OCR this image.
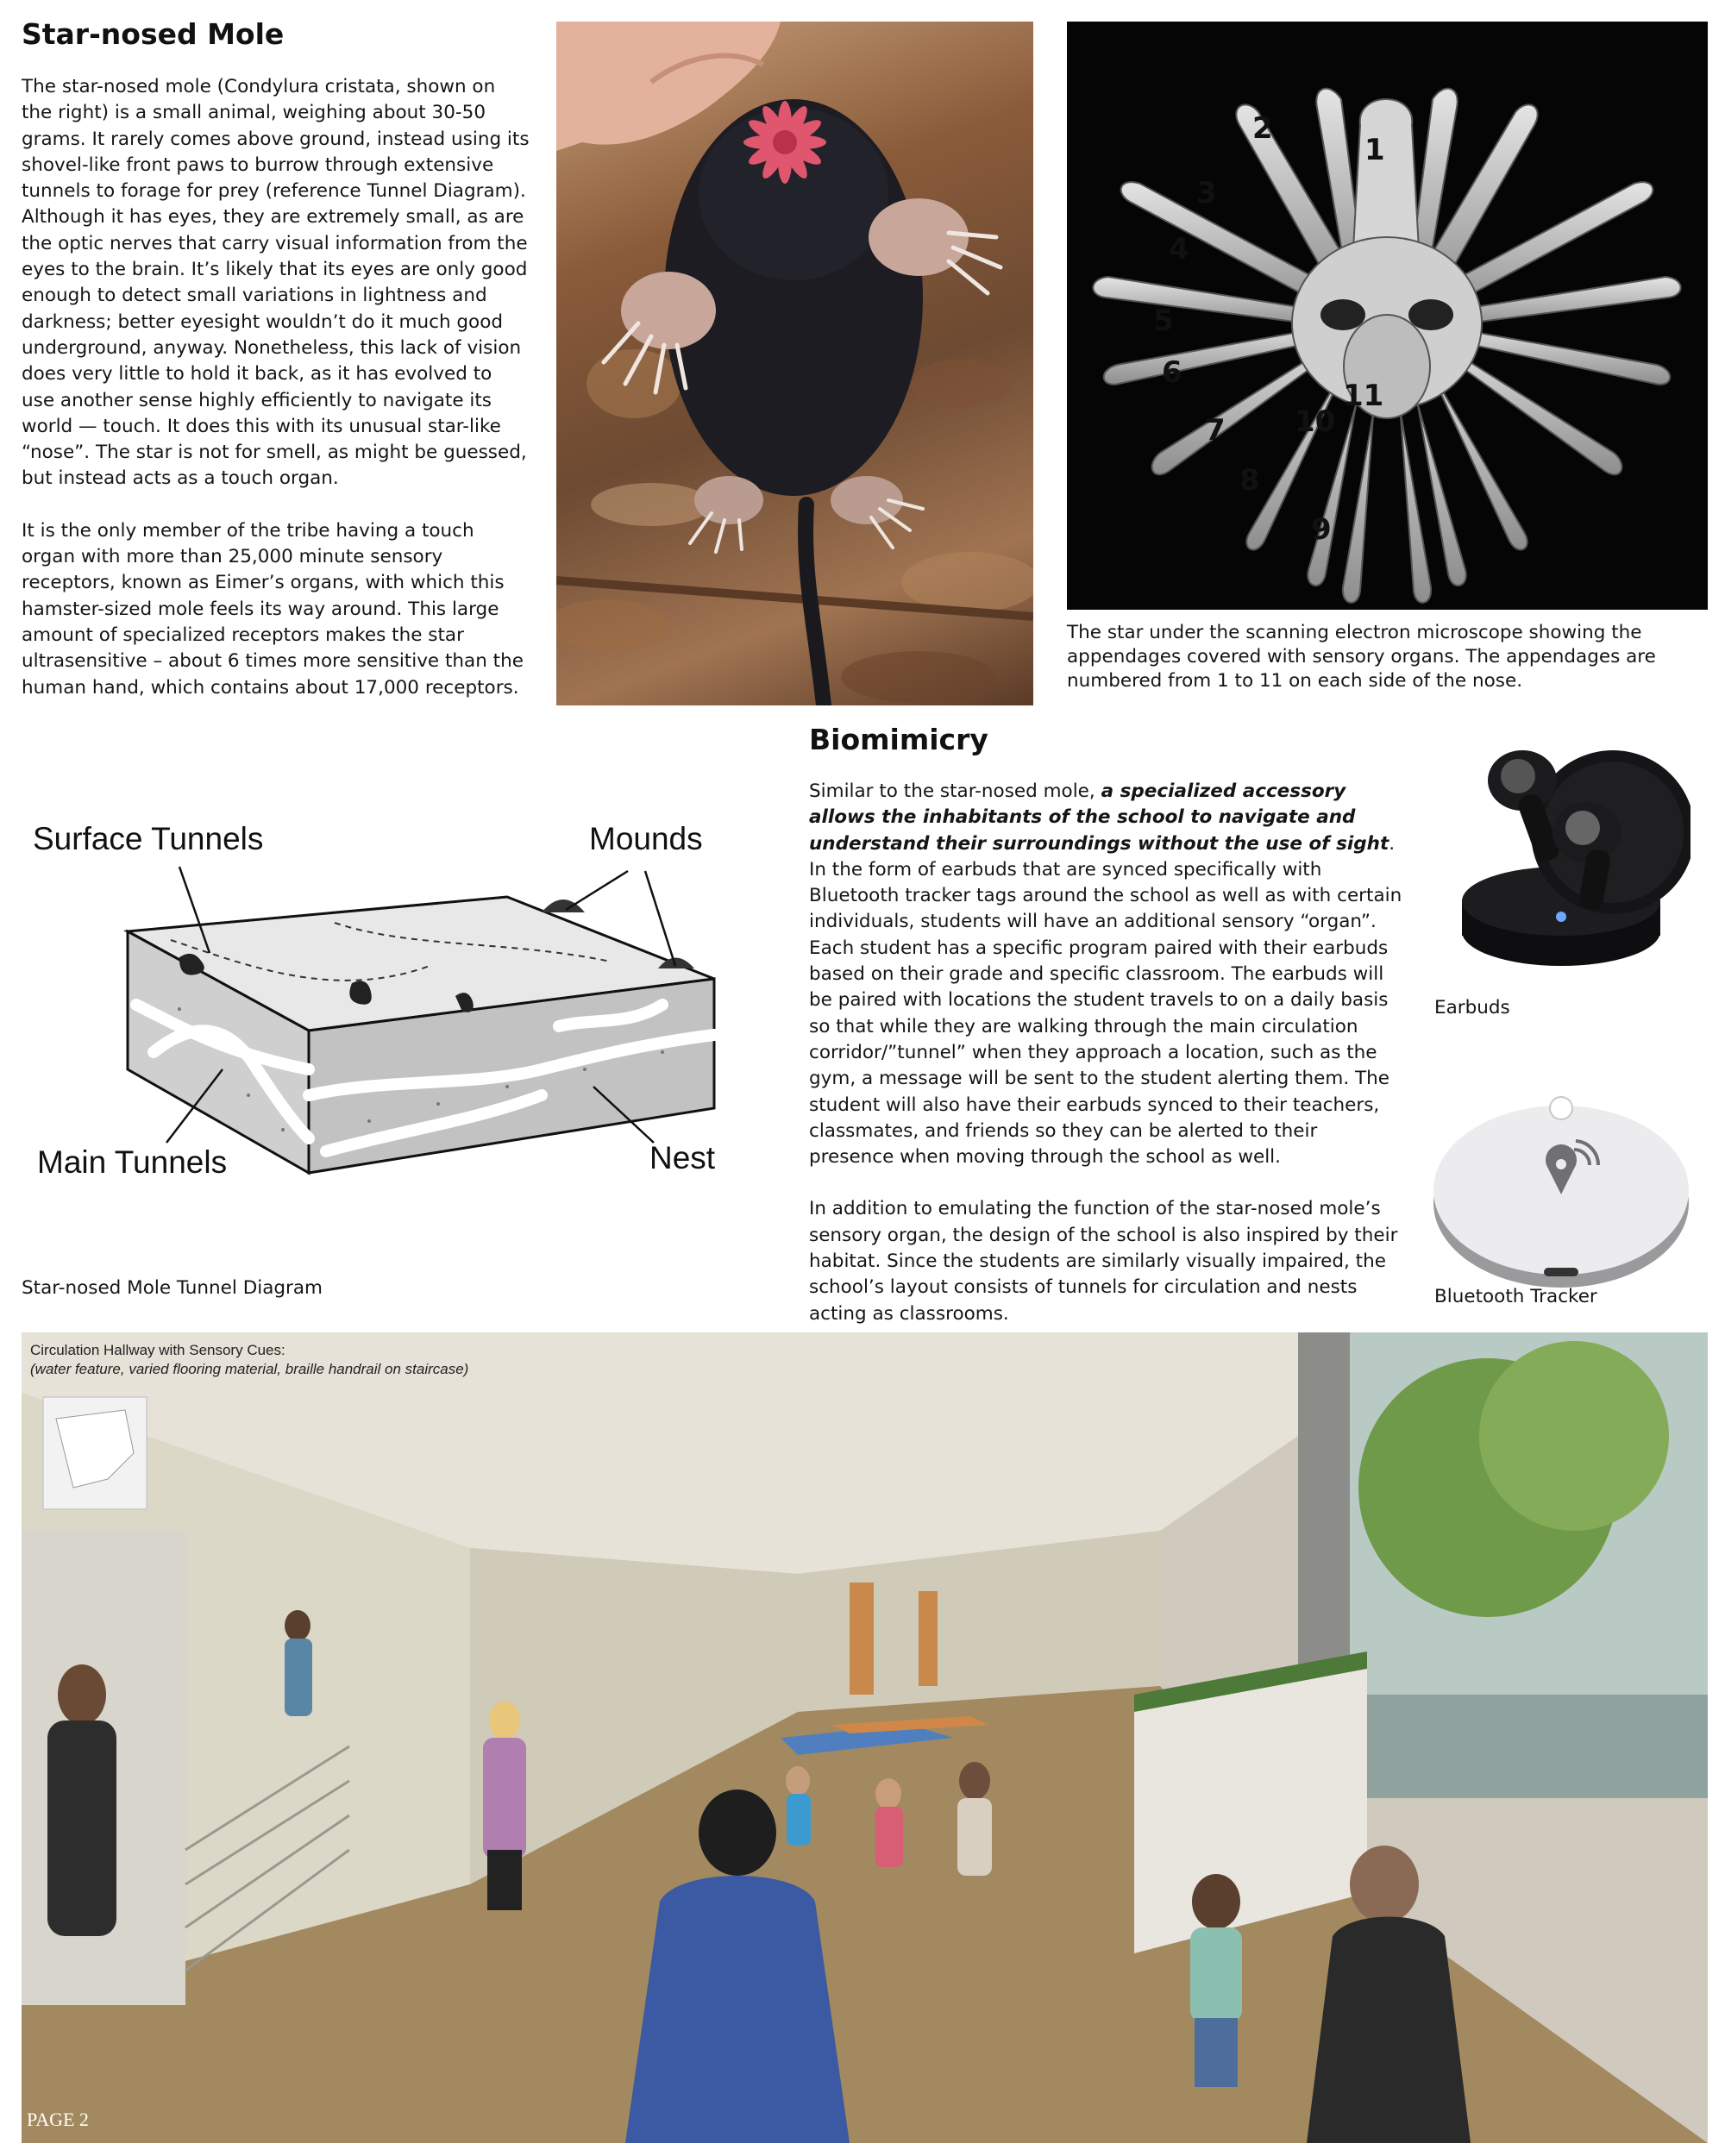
Star-nosed Mole

The star-nosed mole (Condylura cristata, shown on the right) is a small animal, weighing about 30-50 grams. It rarely comes above ground, instead using its shovel-like front paws to burrow through extensive tunnels to forage for prey (reference Tunnel Diagram). Although it has eyes, they are extremely small, as are the optic nerves that carry visual information from the eyes to the brain. It’s likely that its eyes are only good enough to detect small variations in lightness and darkness; better eyesight wouldn’t do it much good underground, anyway. Nonetheless, this lack of vision does very little to hold it back, as it has evolved to use another sense highly efficiently to navigate its world — touch. It does this with its unusual star-like “nose”. The star is not for smell, as might be guessed, but instead acts as a touch organ.

It is the only member of the tribe having a touch organ with more than 25,000 minute sensory receptors, known as Eimer’s organs, with which this hamster-sized mole feels its way around. This large amount of specialized receptors makes the star ultrasensitive – about 6 times more sensitive than the human hand, which contains about 17,000 receptors.

1
2
3
4
5
6
7
8
9
10
11
The star under the scanning electron microscope showing the appendages covered with sensory organs. The appendages are numbered from 1 to 11 on each side of the nose.
Surface Tunnels	Mounds
Main Tunnels	Nest
Star-nosed Mole Tunnel Diagram
Biomimicry

Similar to the star-nosed mole, a specialized accessory allows the inhabitants of the school to navigate and understand their surroundings without the use of sight. In the form of earbuds that are synced specifically with Bluetooth tracker tags around the school as well as with certain individuals, students will have an additional sensory “organ”. Each student has a specific program paired with their earbuds based on their grade and specific classroom. The earbuds will be paired with locations the student travels to on a daily basis so that while they are walking through the main circulation corridor/”tunnel” when they approach a location, such as the gym, a message will be sent to the student alerting them. The student will also have their earbuds synced to their teachers, classmates, and friends so they can be alerted to their presence when moving through the school as well.

In addition to emulating the function of the star-nosed mole’s sensory organ, the design of the school is also inspired by their habitat. Since the students are similarly visually impaired, the school’s layout consists of tunnels for circulation and nests acting as classrooms.

Earbuds
Bluetooth Tracker
Circulation Hallway with Sensory Cues:
(water feature, varied flooring material, braille handrail on staircase)
PAGE 2
